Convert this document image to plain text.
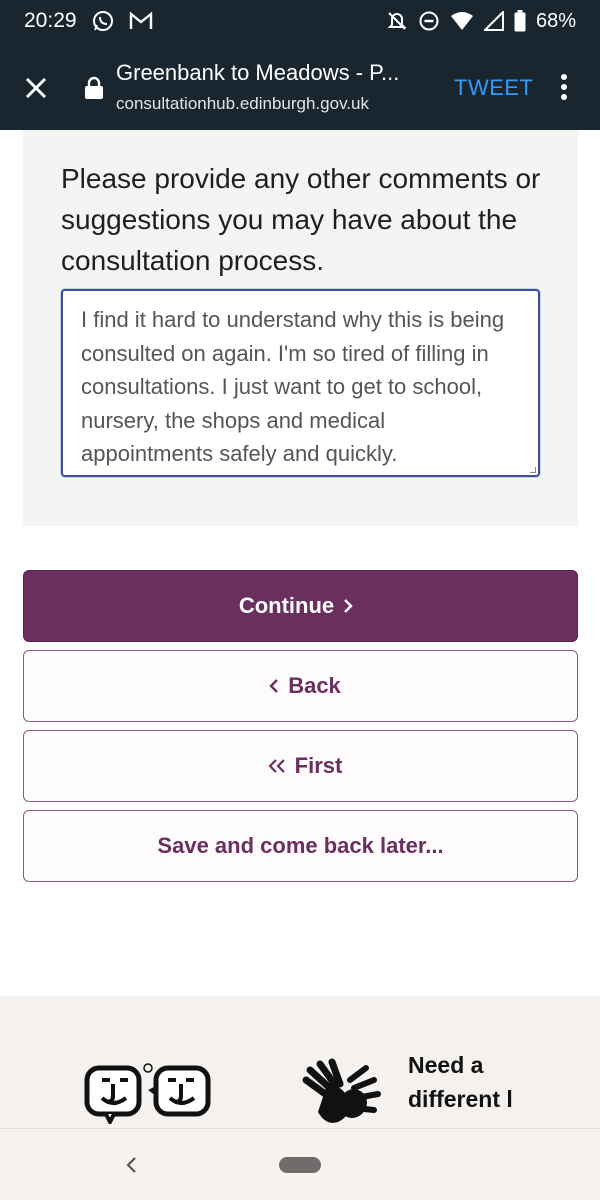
20:29	68%
Greenbank to Meadows - P...
consultationhub.edinburgh.gov.uk
TWEET
Please provide any other comments or suggestions you may have about the consultation process.
I find it hard to understand why this is being consulted on again. I'm so tired of filling in consultations. I just want to get to school, nursery, the shops and medical appointments safely and quickly.
Continue
Back
First
Save and come back later...
Need a different l
